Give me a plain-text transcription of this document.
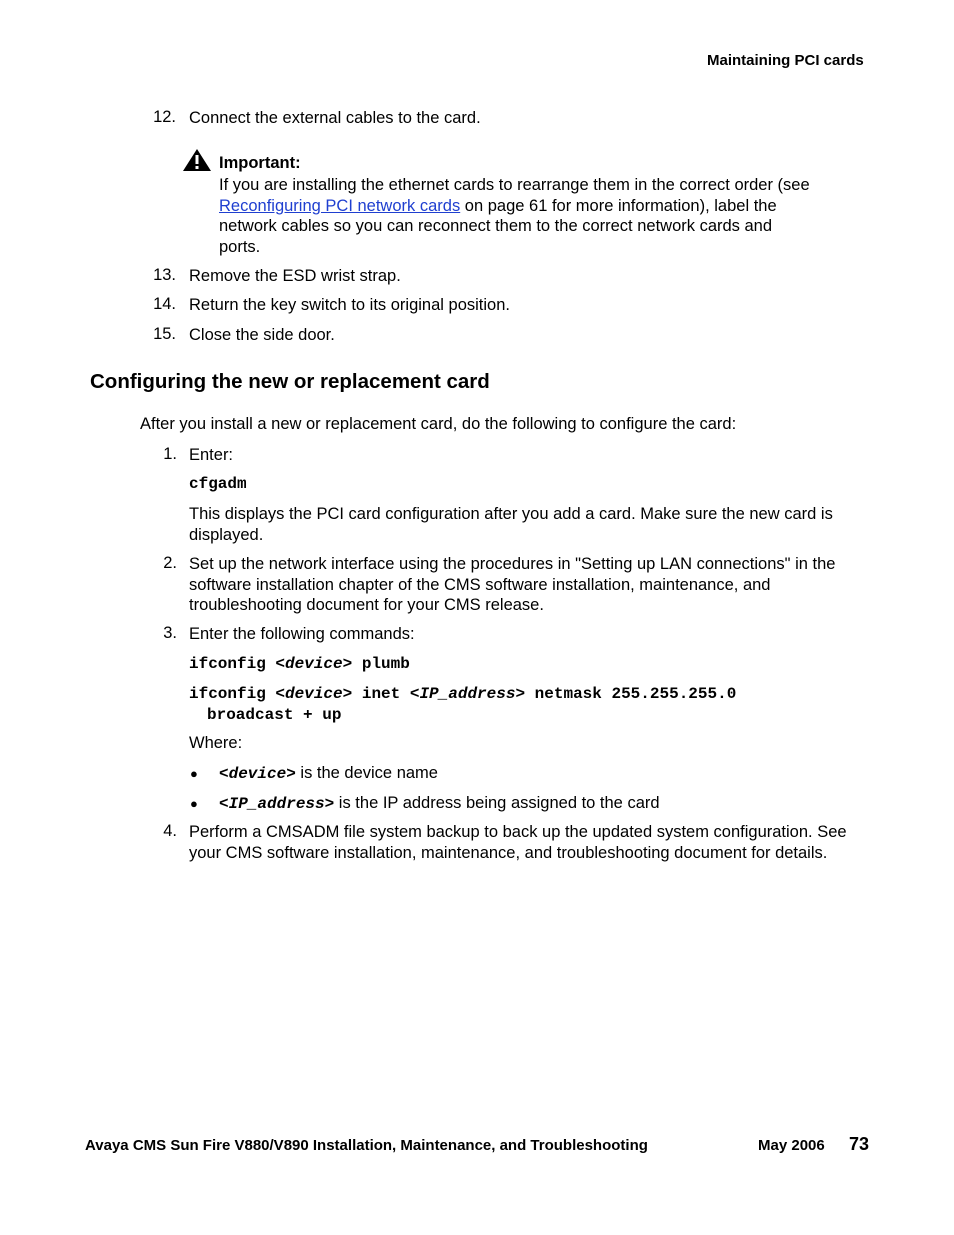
Maintaining PCI cards
12. Connect the external cables to the card.
Important:
If you are installing the ethernet cards to rearrange them in the correct order (see
Reconfiguring PCI network cards on page 61 for more information), label the
network cables so you can reconnect them to the correct network cards and
ports.
13. Remove the ESD wrist strap.
14. Return the key switch to its original position.
15. Close the side door.
Configuring the new or replacement card
After you install a new or replacement card, do the following to configure the card:
1. Enter:
cfgadm
This displays the PCI card configuration after you add a card. Make sure the new card is
displayed.
2. Set up the network interface using the procedures in "Setting up LAN connections" in the
software installation chapter of the CMS software installation, maintenance, and
troubleshooting document for your CMS release.
3. Enter the following commands:
ifconfig <device> plumb
ifconfig <device> inet <IP_address> netmask 255.255.255.0
broadcast + up
Where:
● <device> is the device name
● <IP_address> is the IP address being assigned to the card
4. Perform a CMSADM file system backup to back up the updated system configuration. See
your CMS software installation, maintenance, and troubleshooting document for details.
Avaya CMS Sun Fire V880/V890 Installation, Maintenance, and Troubleshooting	May 2006 73
